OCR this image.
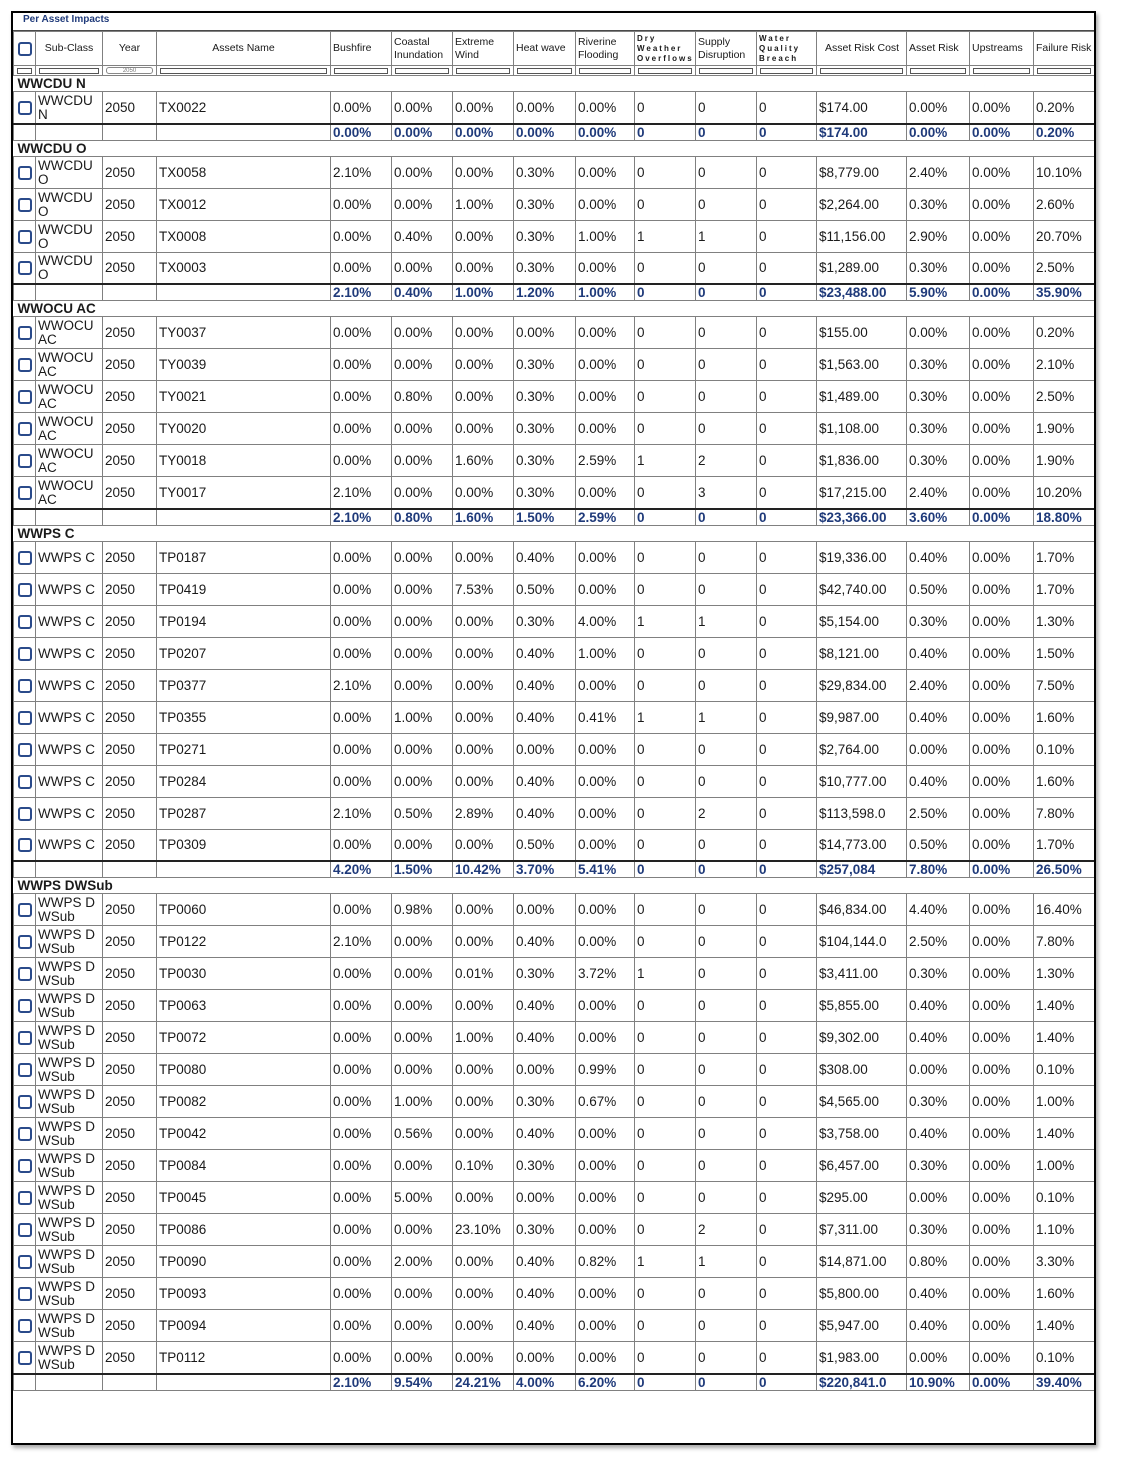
Per Asset Impacts
	Sub-Class	Year	Assets Name	Bushfire	Coastal Inundation	Extreme Wind	Heat wave	Riverine Flooding	Dry Weather Overflows	Supply Disruption	Water Quality Breach	Asset Risk Cost	Asset Risk	Upstreams	Failure Risk

		2050													

WWCDU N															
	WWCDU N	2050	TX0022	0.00%	0.00%	0.00%	0.00%	0.00%	0	0	0	$174.00	0.00%	0.00%	0.20%
				0.00%	0.00%	0.00%	0.00%	0.00%	0	0	0	$174.00	0.00%	0.00%	0.20%
WWCDU O															
	WWCDU O	2050	TX0058	2.10%	0.00%	0.00%	0.30%	0.00%	0	0	0	$8,779.00	2.40%	0.00%	10.10%
	WWCDU O	2050	TX0012	0.00%	0.00%	1.00%	0.30%	0.00%	0	0	0	$2,264.00	0.30%	0.00%	2.60%
	WWCDU O	2050	TX0008	0.00%	0.40%	0.00%	0.30%	1.00%	1	1	0	$11,156.00	2.90%	0.00%	20.70%
	WWCDU O	2050	TX0003	0.00%	0.00%	0.00%	0.30%	0.00%	0	0	0	$1,289.00	0.30%	0.00%	2.50%
				2.10%	0.40%	1.00%	1.20%	1.00%	0	0	0	$23,488.00	5.90%	0.00%	35.90%
WWOCU AC															
	WWOCU AC	2050	TY0037	0.00%	0.00%	0.00%	0.00%	0.00%	0	0	0	$155.00	0.00%	0.00%	0.20%
	WWOCU AC	2050	TY0039	0.00%	0.00%	0.00%	0.30%	0.00%	0	0	0	$1,563.00	0.30%	0.00%	2.10%
	WWOCU AC	2050	TY0021	0.00%	0.80%	0.00%	0.30%	0.00%	0	0	0	$1,489.00	0.30%	0.00%	2.50%
	WWOCU AC	2050	TY0020	0.00%	0.00%	0.00%	0.30%	0.00%	0	0	0	$1,108.00	0.30%	0.00%	1.90%
	WWOCU AC	2050	TY0018	0.00%	0.00%	1.60%	0.30%	2.59%	1	2	0	$1,836.00	0.30%	0.00%	1.90%
	WWOCU AC	2050	TY0017	2.10%	0.00%	0.00%	0.30%	0.00%	0	3	0	$17,215.00	2.40%	0.00%	10.20%
				2.10%	0.80%	1.60%	1.50%	2.59%	0	0	0	$23,366.00	3.60%	0.00%	18.80%
WWPS C															
	WWPS C	2050	TP0187	0.00%	0.00%	0.00%	0.40%	0.00%	0	0	0	$19,336.00	0.40%	0.00%	1.70%
	WWPS C	2050	TP0419	0.00%	0.00%	7.53%	0.50%	0.00%	0	0	0	$42,740.00	0.50%	0.00%	1.70%
	WWPS C	2050	TP0194	0.00%	0.00%	0.00%	0.30%	4.00%	1	1	0	$5,154.00	0.30%	0.00%	1.30%
	WWPS C	2050	TP0207	0.00%	0.00%	0.00%	0.40%	1.00%	0	0	0	$8,121.00	0.40%	0.00%	1.50%
	WWPS C	2050	TP0377	2.10%	0.00%	0.00%	0.40%	0.00%	0	0	0	$29,834.00	2.40%	0.00%	7.50%
	WWPS C	2050	TP0355	0.00%	1.00%	0.00%	0.40%	0.41%	1	1	0	$9,987.00	0.40%	0.00%	1.60%
	WWPS C	2050	TP0271	0.00%	0.00%	0.00%	0.00%	0.00%	0	0	0	$2,764.00	0.00%	0.00%	0.10%
	WWPS C	2050	TP0284	0.00%	0.00%	0.00%	0.40%	0.00%	0	0	0	$10,777.00	0.40%	0.00%	1.60%
	WWPS C	2050	TP0287	2.10%	0.50%	2.89%	0.40%	0.00%	0	2	0	$113,598.0	2.50%	0.00%	7.80%
	WWPS C	2050	TP0309	0.00%	0.00%	0.00%	0.50%	0.00%	0	0	0	$14,773.00	0.50%	0.00%	1.70%
				4.20%	1.50%	10.42%	3.70%	5.41%	0	0	0	$257,084	7.80%	0.00%	26.50%
WWPS DWSub															
	WWPS DWSub	2050	TP0060	0.00%	0.98%	0.00%	0.00%	0.00%	0	0	0	$46,834.00	4.40%	0.00%	16.40%
	WWPS DWSub	2050	TP0122	2.10%	0.00%	0.00%	0.40%	0.00%	0	0	0	$104,144.0	2.50%	0.00%	7.80%
	WWPS DWSub	2050	TP0030	0.00%	0.00%	0.01%	0.30%	3.72%	1	0	0	$3,411.00	0.30%	0.00%	1.30%
	WWPS DWSub	2050	TP0063	0.00%	0.00%	0.00%	0.40%	0.00%	0	0	0	$5,855.00	0.40%	0.00%	1.40%
	WWPS DWSub	2050	TP0072	0.00%	0.00%	1.00%	0.40%	0.00%	0	0	0	$9,302.00	0.40%	0.00%	1.40%
	WWPS DWSub	2050	TP0080	0.00%	0.00%	0.00%	0.00%	0.99%	0	0	0	$308.00	0.00%	0.00%	0.10%
	WWPS DWSub	2050	TP0082	0.00%	1.00%	0.00%	0.30%	0.67%	0	0	0	$4,565.00	0.30%	0.00%	1.00%
	WWPS DWSub	2050	TP0042	0.00%	0.56%	0.00%	0.40%	0.00%	0	0	0	$3,758.00	0.40%	0.00%	1.40%
	WWPS DWSub	2050	TP0084	0.00%	0.00%	0.10%	0.30%	0.00%	0	0	0	$6,457.00	0.30%	0.00%	1.00%
	WWPS DWSub	2050	TP0045	0.00%	5.00%	0.00%	0.00%	0.00%	0	0	0	$295.00	0.00%	0.00%	0.10%
	WWPS DWSub	2050	TP0086	0.00%	0.00%	23.10%	0.30%	0.00%	0	2	0	$7,311.00	0.30%	0.00%	1.10%
	WWPS DWSub	2050	TP0090	0.00%	2.00%	0.00%	0.40%	0.82%	1	1	0	$14,871.00	0.80%	0.00%	3.30%
	WWPS DWSub	2050	TP0093	0.00%	0.00%	0.00%	0.40%	0.00%	0	0	0	$5,800.00	0.40%	0.00%	1.60%
	WWPS DWSub	2050	TP0094	0.00%	0.00%	0.00%	0.40%	0.00%	0	0	0	$5,947.00	0.40%	0.00%	1.40%
	WWPS DWSub	2050	TP0112	0.00%	0.00%	0.00%	0.00%	0.00%	0	0	0	$1,983.00	0.00%	0.00%	0.10%
				2.10%	9.54%	24.21%	4.00%	6.20%	0	0	0	$220,841.0	10.90%	0.00%	39.40%
